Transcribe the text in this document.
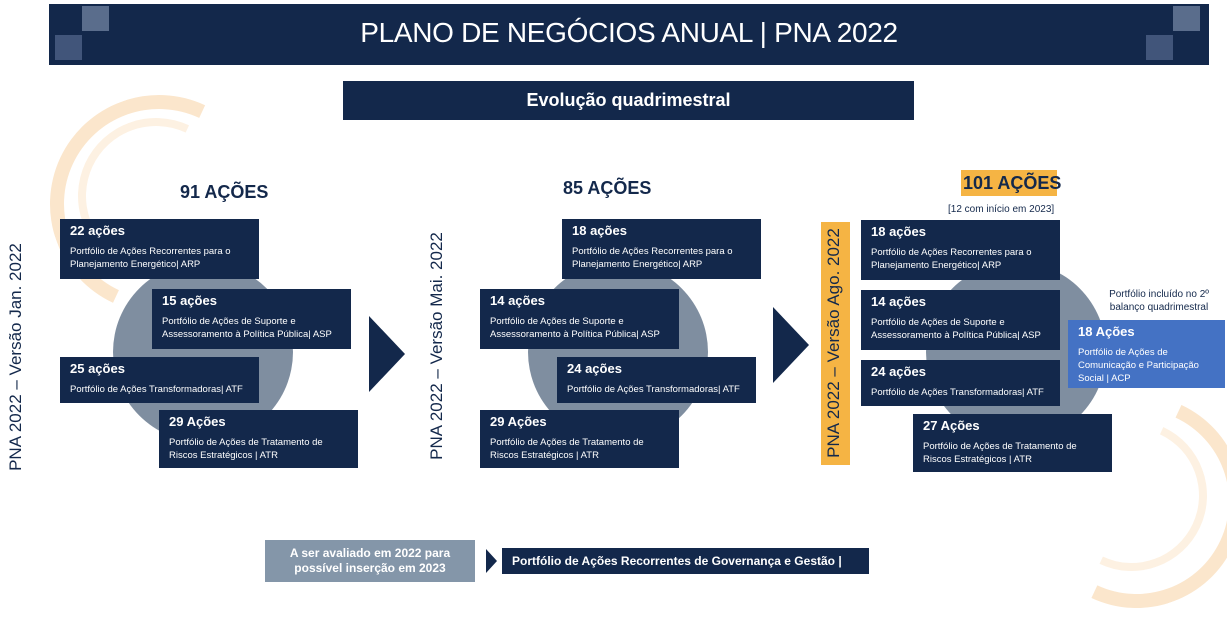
PLANO DE NEGÓCIOS ANUAL | PNA 2022
Evolução quadrimestral
PNA 2022 – Versão Jan. 2022
91 AÇÕES
22 ações
Portfólio de Ações Recorrentes para o Planejamento Energético| ARP
15 ações
Portfólio de Ações de Suporte e Assessoramento à Política Pública| ASP
25 ações
Portfólio de Ações Transformadoras| ATF
29 Ações
Portfólio de Ações de Tratamento de Riscos Estratégicos | ATR	PNA 2022 – Versão Mai. 2022
85 AÇÕES
18 ações
Portfólio de Ações Recorrentes para o Planejamento Energético| ARP
14 ações
Portfólio de Ações de Suporte e Assessoramento à Política Pública| ASP
24 ações
Portfólio de Ações Transformadoras| ATF
29 Ações
Portfólio de Ações de Tratamento de Riscos Estratégicos | ATR	PNA 2022 – Versão Ago. 2022
101 AÇÕES
[12 com início em 2023]
18 ações
Portfólio de Ações Recorrentes para o Planejamento Energético| ARP
14 ações
Portfólio de Ações de Suporte e Assessoramento à Política Pública| ASP
24 ações
Portfólio de Ações Transformadoras| ATF
27 Ações
Portfólio de Ações de Tratamento de Riscos Estratégicos | ATR
Portfólio incluído no 2º balanço quadrimestral
18 Ações
Portfólio de Ações de Comunicação e Participação Social | ACP
A ser avaliado em 2022 para possível inserção em 2023	Portfólio de Ações Recorrentes de Governança e Gestão | ARG
